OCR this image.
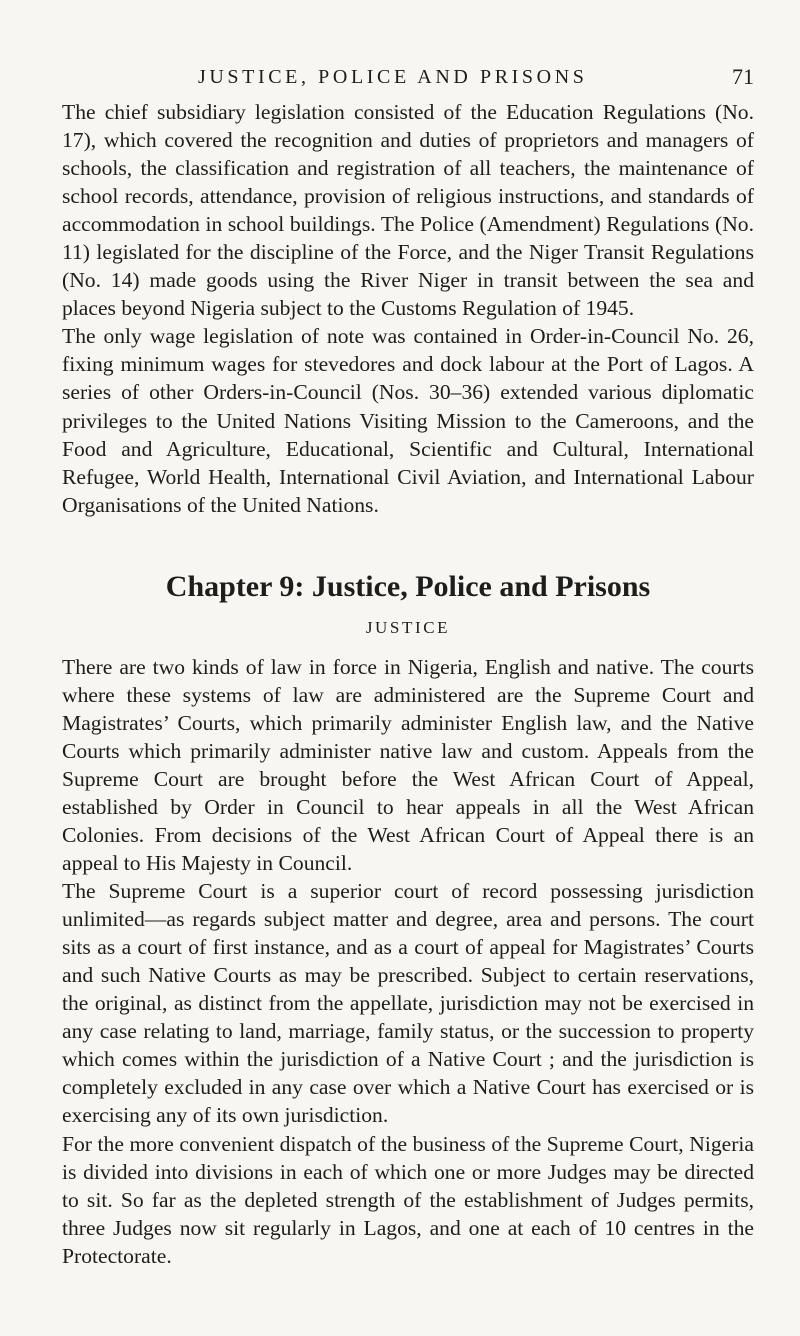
JUSTICE, POLICE AND PRISONS	71

The chief subsidiary legislation consisted of the Education Regulations (No. 17), which covered the recognition and duties of proprietors and managers of schools, the classification and registration of all teachers, the maintenance of school records, attendance, provision of religious instructions, and standards of accommodation in school buildings. The Police (Amendment) Regulations (No. 11) legislated for the discipline of the Force, and the Niger Transit Regulations (No. 14) made goods using the River Niger in transit between the sea and places beyond Nigeria subject to the Customs Regulation of 1945.

The only wage legislation of note was contained in Order-in-Council No. 26, fixing minimum wages for stevedores and dock labour at the Port of Lagos. A series of other Orders-in-Council (Nos. 30–36) extended various diplomatic privileges to the United Nations Visiting Mission to the Cameroons, and the Food and Agriculture, Educational, Scientific and Cultural, International Refugee, World Health, International Civil Aviation, and International Labour Organisations of the United Nations.

Chapter 9: Justice, Police and Prisons
JUSTICE

There are two kinds of law in force in Nigeria, English and native. The courts where these systems of law are administered are the Supreme Court and Magistrates’ Courts, which primarily administer English law, and the Native Courts which primarily administer native law and custom. Appeals from the Supreme Court are brought before the West African Court of Appeal, established by Order in Council to hear appeals in all the West African Colonies. From decisions of the West African Court of Appeal there is an appeal to His Majesty in Council.

The Supreme Court is a superior court of record possessing jurisdiction unlimited—as regards subject matter and degree, area and persons. The court sits as a court of first instance, and as a court of appeal for Magistrates’ Courts and such Native Courts as may be prescribed. Subject to certain reservations, the original, as distinct from the appellate, jurisdiction may not be exercised in any case relating to land, marriage, family status, or the succession to property which comes within the jurisdiction of a Native Court ; and the jurisdiction is completely excluded in any case over which a Native Court has exercised or is exercising any of its own jurisdiction.

For the more convenient dispatch of the business of the Supreme Court, Nigeria is divided into divisions in each of which one or more Judges may be directed to sit. So far as the depleted strength of the establishment of Judges permits, three Judges now sit regularly in Lagos, and one at each of 10 centres in the Protectorate.
